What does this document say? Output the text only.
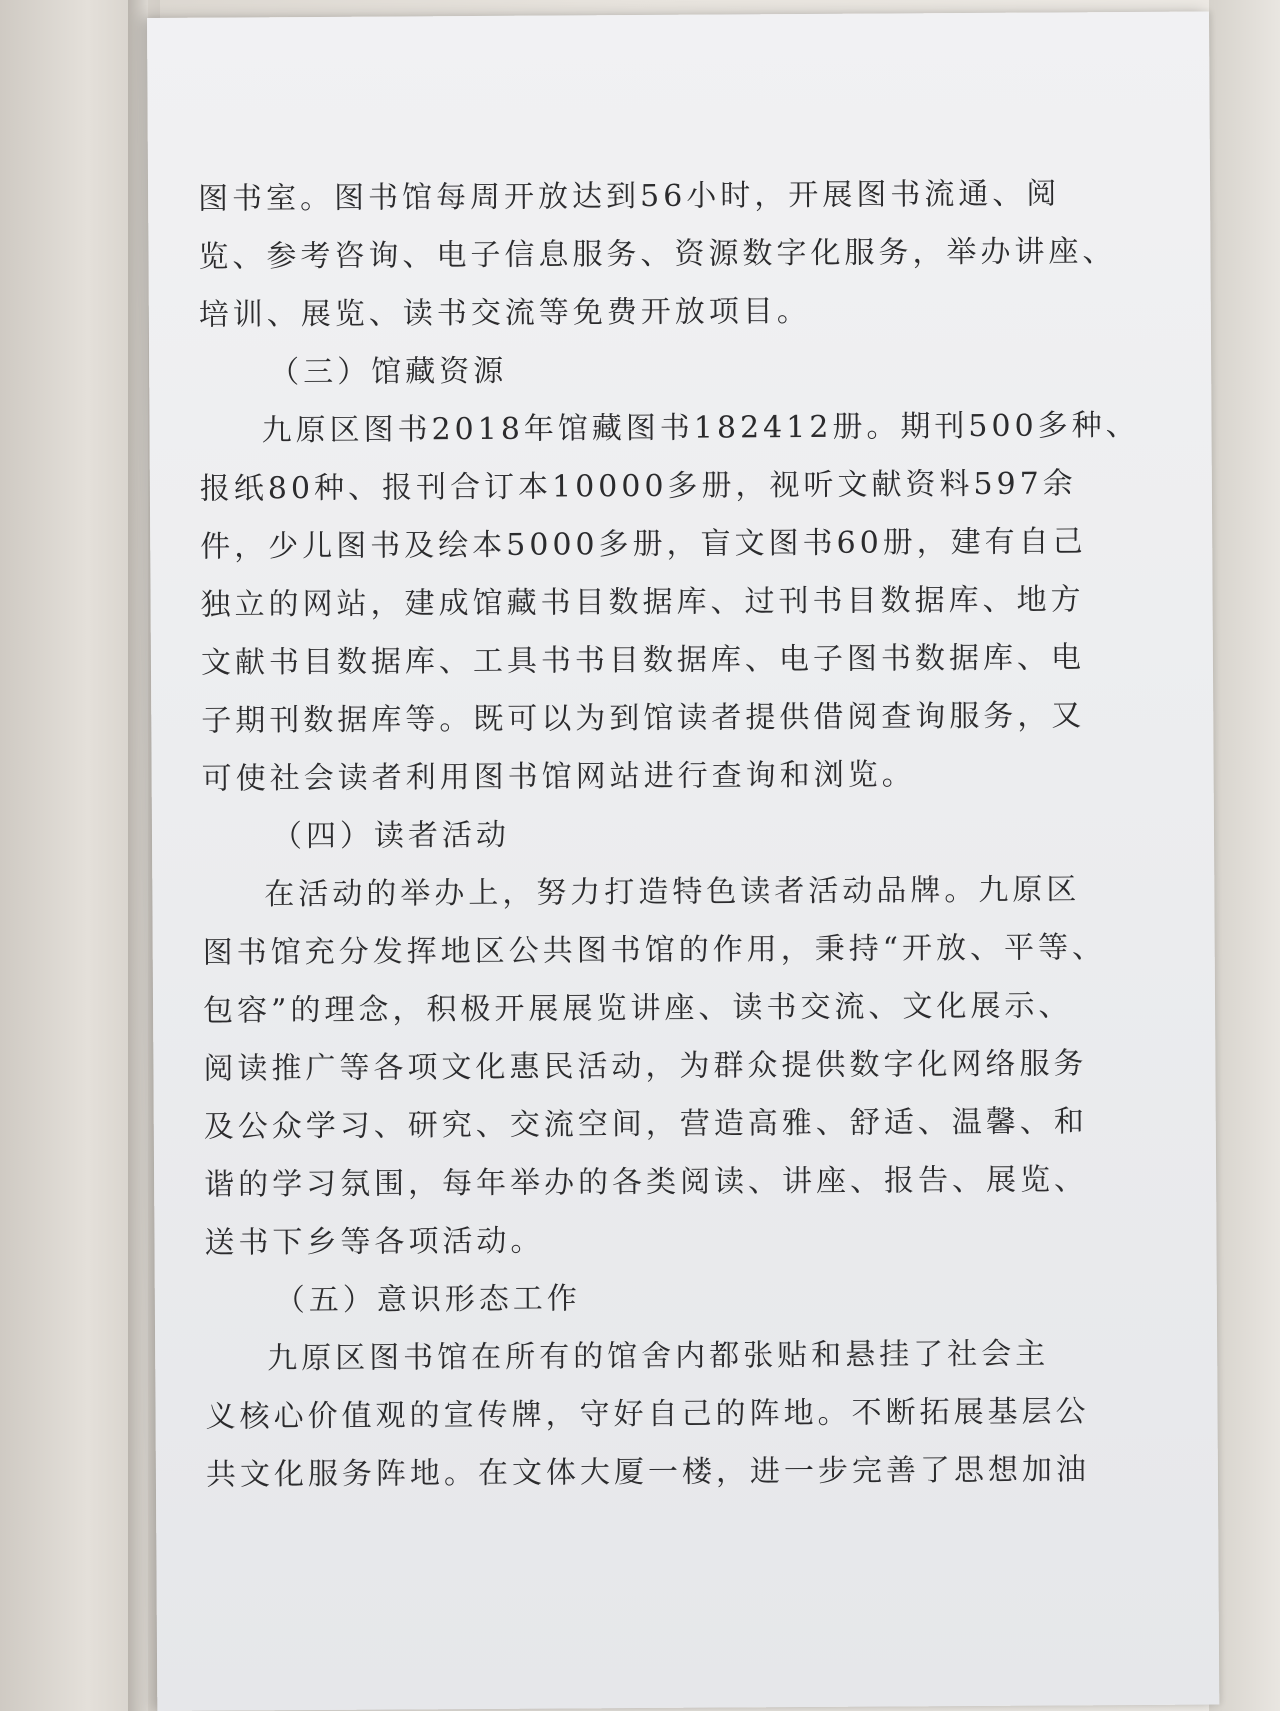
图书室。图书馆每周开放达到56小时，开展图书流通、阅
览、参考咨询、电子信息服务、资源数字化服务，举办讲座、
培训、展览、读书交流等免费开放项目。
（三）馆藏资源
九原区图书2018年馆藏图书182412册。期刊500多种、
报纸80种、报刊合订本10000多册，视听文献资料597余
件，少儿图书及绘本5000多册，盲文图书60册，建有自己
独立的网站，建成馆藏书目数据库、过刊书目数据库、地方
文献书目数据库、工具书书目数据库、电子图书数据库、电
子期刊数据库等。既可以为到馆读者提供借阅查询服务，又
可使社会读者利用图书馆网站进行查询和浏览。
（四）读者活动
在活动的举办上，努力打造特色读者活动品牌。九原区
图书馆充分发挥地区公共图书馆的作用，秉持“开放、平等、
包容”的理念，积极开展展览讲座、读书交流、文化展示、
阅读推广等各项文化惠民活动，为群众提供数字化网络服务
及公众学习、研究、交流空间，营造高雅、舒适、温馨、和
谐的学习氛围，每年举办的各类阅读、讲座、报告、展览、
送书下乡等各项活动。
（五）意识形态工作
九原区图书馆在所有的馆舍内都张贴和悬挂了社会主
义核心价值观的宣传牌，守好自己的阵地。不断拓展基层公
共文化服务阵地。在文体大厦一楼，进一步完善了思想加油
